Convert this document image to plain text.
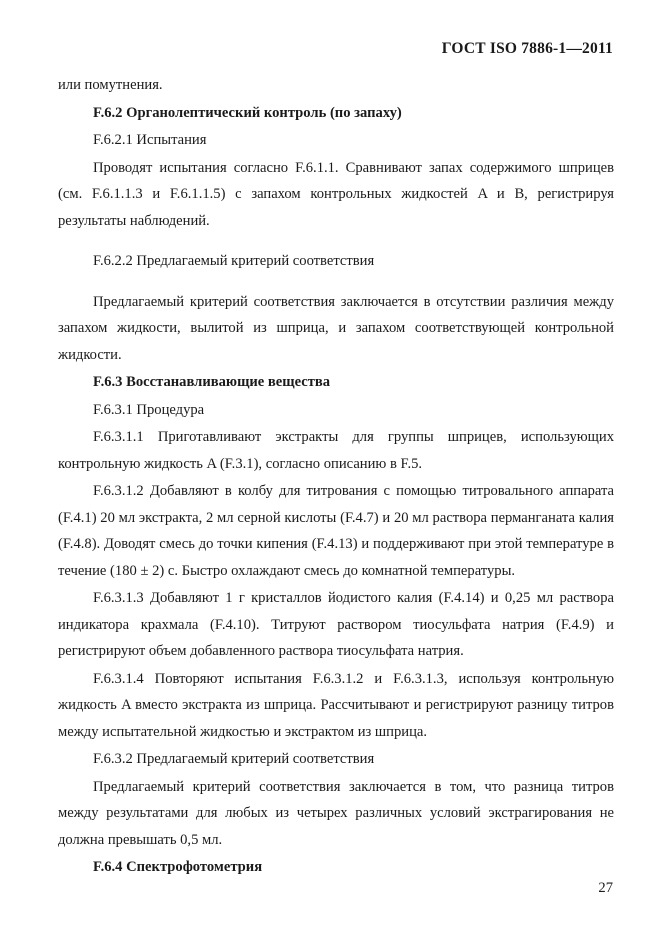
ГОСТ ISO 7886-1—2011

или помутнения.

F.6.2 Органолептический контроль (по запаху)

F.6.2.1 Испытания

Проводят испытания согласно F.6.1.1. Сравнивают запах содержимого шприцев (см. F.6.1.1.3 и F.6.1.1.5) с запахом контрольных жидкостей A и B, регистрируя результаты наблюдений.

F.6.2.2 Предлагаемый критерий соответствия

Предлагаемый критерий соответствия заключается в отсутствии различия между запахом жидкости, вылитой из шприца, и запахом соответствующей контрольной жидкости.

F.6.3 Восстанавливающие вещества

F.6.3.1 Процедура

F.6.3.1.1 Приготавливают экстракты для группы шприцев, использующих контрольную жидкость A (F.3.1), согласно описанию в F.5.

F.6.3.1.2 Добавляют в колбу для титрования с помощью титровального аппарата (F.4.1) 20 мл экстракта, 2 мл серной кислоты (F.4.7) и 20 мл раствора перманганата калия (F.4.8). Доводят смесь до точки кипения (F.4.13) и поддерживают при этой температуре в течение (180 ± 2) с. Быстро охлаждают смесь до комнатной температуры.

F.6.3.1.3 Добавляют 1 г кристаллов йодистого калия (F.4.14) и 0,25 мл раствора индикатора крахмала (F.4.10). Титруют раствором тиосульфата натрия (F.4.9) и регистрируют объем добавленного раствора тиосульфата натрия.

F.6.3.1.4 Повторяют испытания F.6.3.1.2 и F.6.3.1.3, используя контрольную жидкость A вместо экстракта из шприца. Рассчитывают и регистрируют разницу титров между испытательной жидкостью и экстрактом из шприца.

F.6.3.2 Предлагаемый критерий соответствия

Предлагаемый критерий соответствия заключается в том, что разница титров между результатами для любых из четырех различных условий экстрагирования не должна превышать 0,5 мл.

F.6.4 Спектрофотометрия

27
